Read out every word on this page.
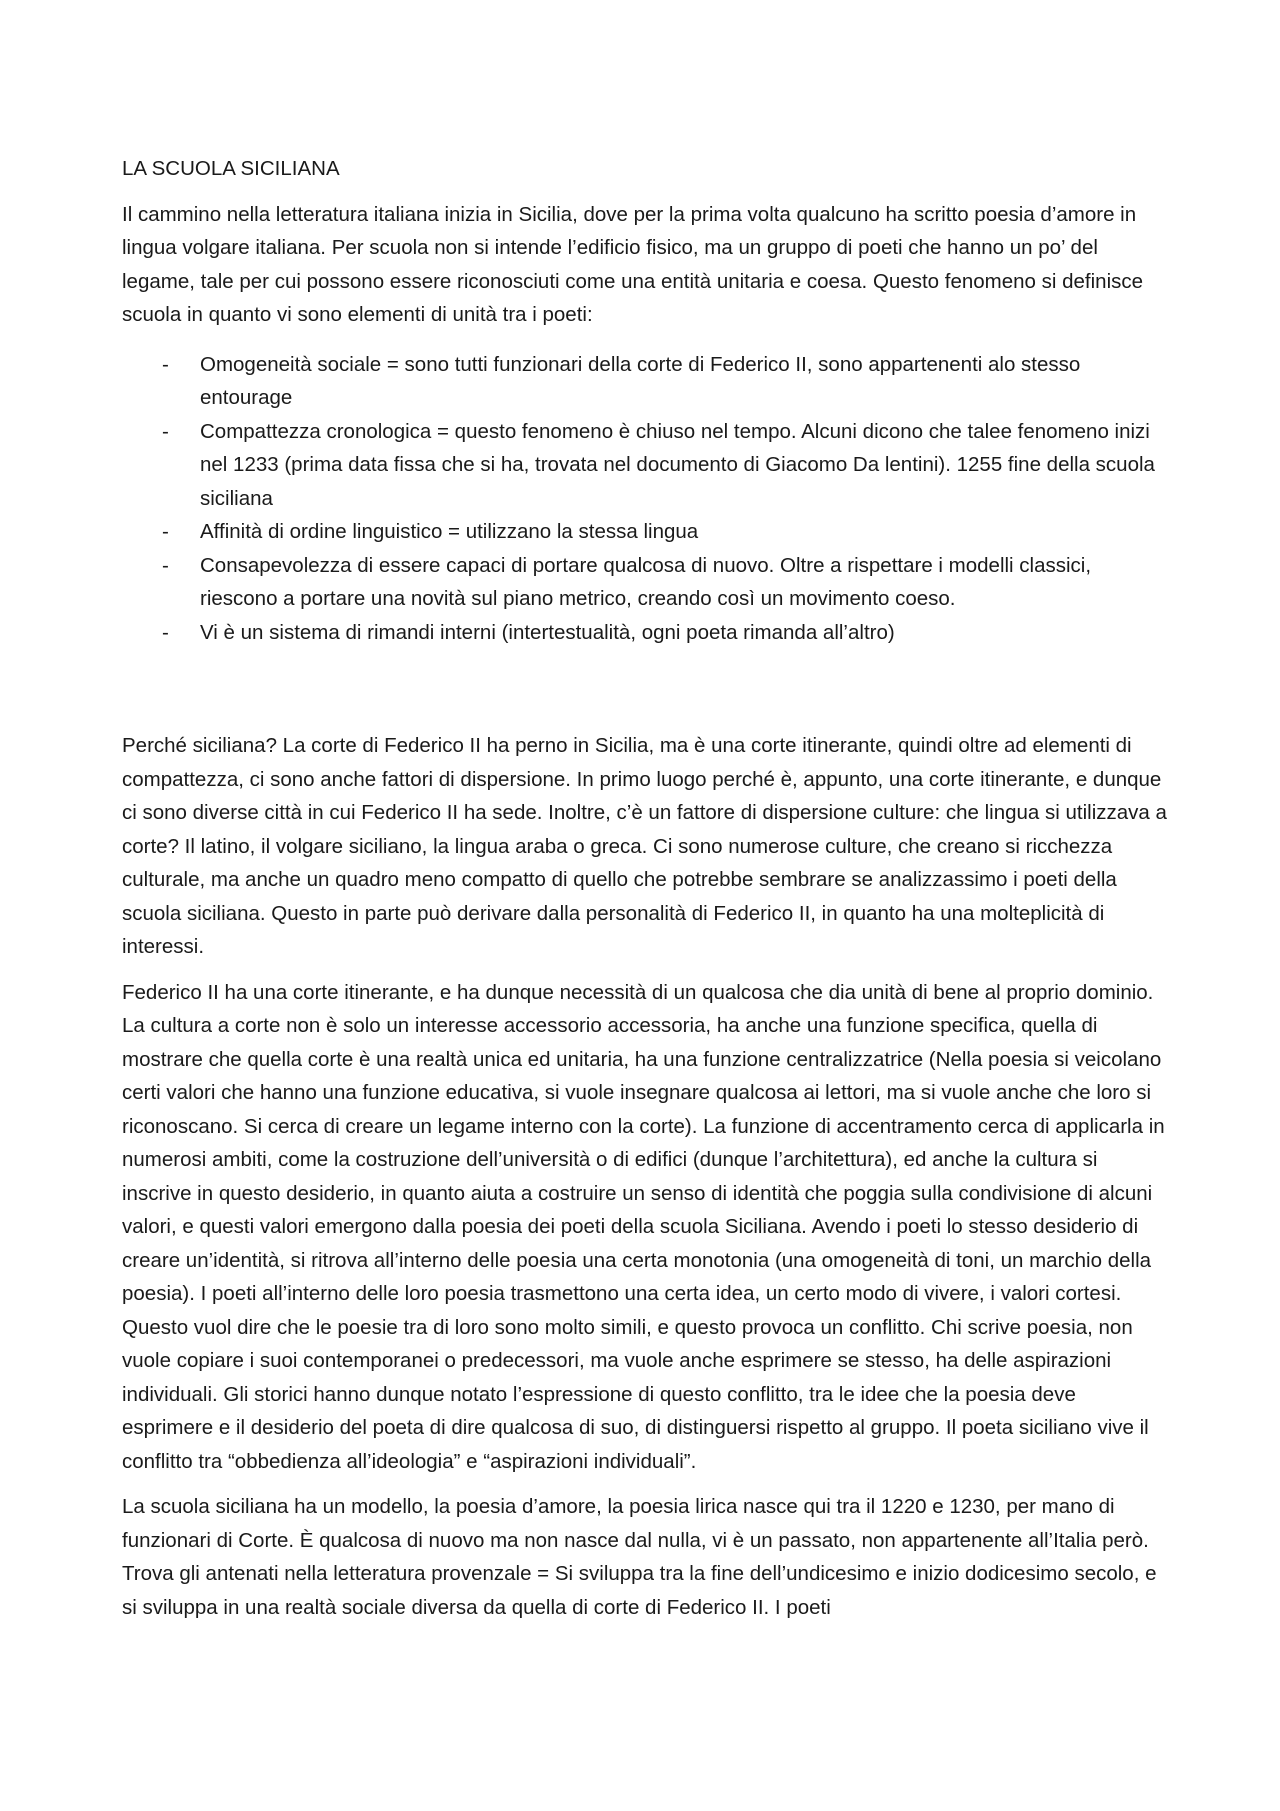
LA SCUOLA SICILIANA

Il cammino nella letteratura italiana inizia in Sicilia, dove per la prima volta qualcuno ha scritto poesia d’amore in lingua volgare italiana. Per scuola non si intende l’edificio fisico, ma un gruppo di poeti che hanno un po’ del legame, tale per cui possono essere riconosciuti come una entità unitaria e coesa. Questo fenomeno si definisce scuola in quanto vi sono elementi di unità tra i poeti:

- Omogeneità sociale = sono tutti funzionari della corte di Federico II, sono appartenenti alo stesso entourage
- Compattezza cronologica = questo fenomeno è chiuso nel tempo. Alcuni dicono che talee fenomeno inizi nel 1233 (prima data fissa che si ha, trovata nel documento di Giacomo Da lentini). 1255 fine della scuola siciliana
- Affinità di ordine linguistico = utilizzano la stessa lingua
- Consapevolezza di essere capaci di portare qualcosa di nuovo. Oltre a rispettare i modelli classici, riescono a portare una novità sul piano metrico, creando così un movimento coeso.
- Vi è un sistema di rimandi interni (intertestualità, ogni poeta rimanda all’altro)

Perché siciliana? La corte di Federico II ha perno in Sicilia, ma è una corte itinerante, quindi oltre ad elementi di compattezza, ci sono anche fattori di dispersione. In primo luogo perché è, appunto, una corte itinerante, e dunque ci sono diverse città in cui Federico II ha sede. Inoltre, c’è un fattore di dispersione culture: che lingua si utilizzava a corte? Il latino, il volgare siciliano, la lingua araba o greca. Ci sono numerose culture, che creano si ricchezza culturale, ma anche un quadro meno compatto di quello che potrebbe sembrare se analizzassimo i poeti della scuola siciliana. Questo in parte può derivare dalla personalità di Federico II, in quanto ha una molteplicità di interessi.

Federico II ha una corte itinerante, e ha dunque necessità di un qualcosa che dia unità di bene al proprio dominio. La cultura a corte non è solo un interesse accessorio accessoria, ha anche una funzione specifica, quella di mostrare che quella corte è una realtà unica ed unitaria, ha una funzione centralizzatrice (Nella poesia si veicolano certi valori che hanno una funzione educativa, si vuole insegnare qualcosa ai lettori, ma si vuole anche che loro si riconoscano. Si cerca di creare un legame interno con la corte). La funzione di accentramento cerca di applicarla in numerosi ambiti, come la costruzione dell’università o di edifici (dunque l’architettura), ed anche la cultura si inscrive in questo desiderio, in quanto aiuta a costruire un senso di identità che poggia sulla condivisione di alcuni valori, e questi valori emergono dalla poesia dei poeti della scuola Siciliana. Avendo i poeti lo stesso desiderio di creare un’identità, si ritrova all’interno delle poesia una certa monotonia (una omogeneità di toni, un marchio della poesia). I poeti all’interno delle loro poesia trasmettono una certa idea, un certo modo di vivere, i valori cortesi. Questo vuol dire che le poesie tra di loro sono molto simili, e questo provoca un conflitto. Chi scrive poesia, non vuole copiare i suoi contemporanei o predecessori, ma vuole anche esprimere se stesso, ha delle aspirazioni individuali. Gli storici hanno dunque notato l’espressione di questo conflitto, tra le idee che la poesia deve esprimere e il desiderio del poeta di dire qualcosa di suo, di distinguersi rispetto al gruppo. Il poeta siciliano vive il conflitto tra “obbedienza all’ideologia” e “aspirazioni individuali”.

La scuola siciliana ha un modello, la poesia d’amore, la poesia lirica nasce qui tra il 1220 e 1230, per mano di funzionari di Corte. È qualcosa di nuovo ma non nasce dal nulla, vi è un passato, non appartenente all’Italia però. Trova gli antenati nella letteratura provenzale = Si sviluppa tra la fine dell’undicesimo e inizio dodicesimo secolo, e si sviluppa in una realtà sociale diversa da quella di corte di Federico II. I poeti
